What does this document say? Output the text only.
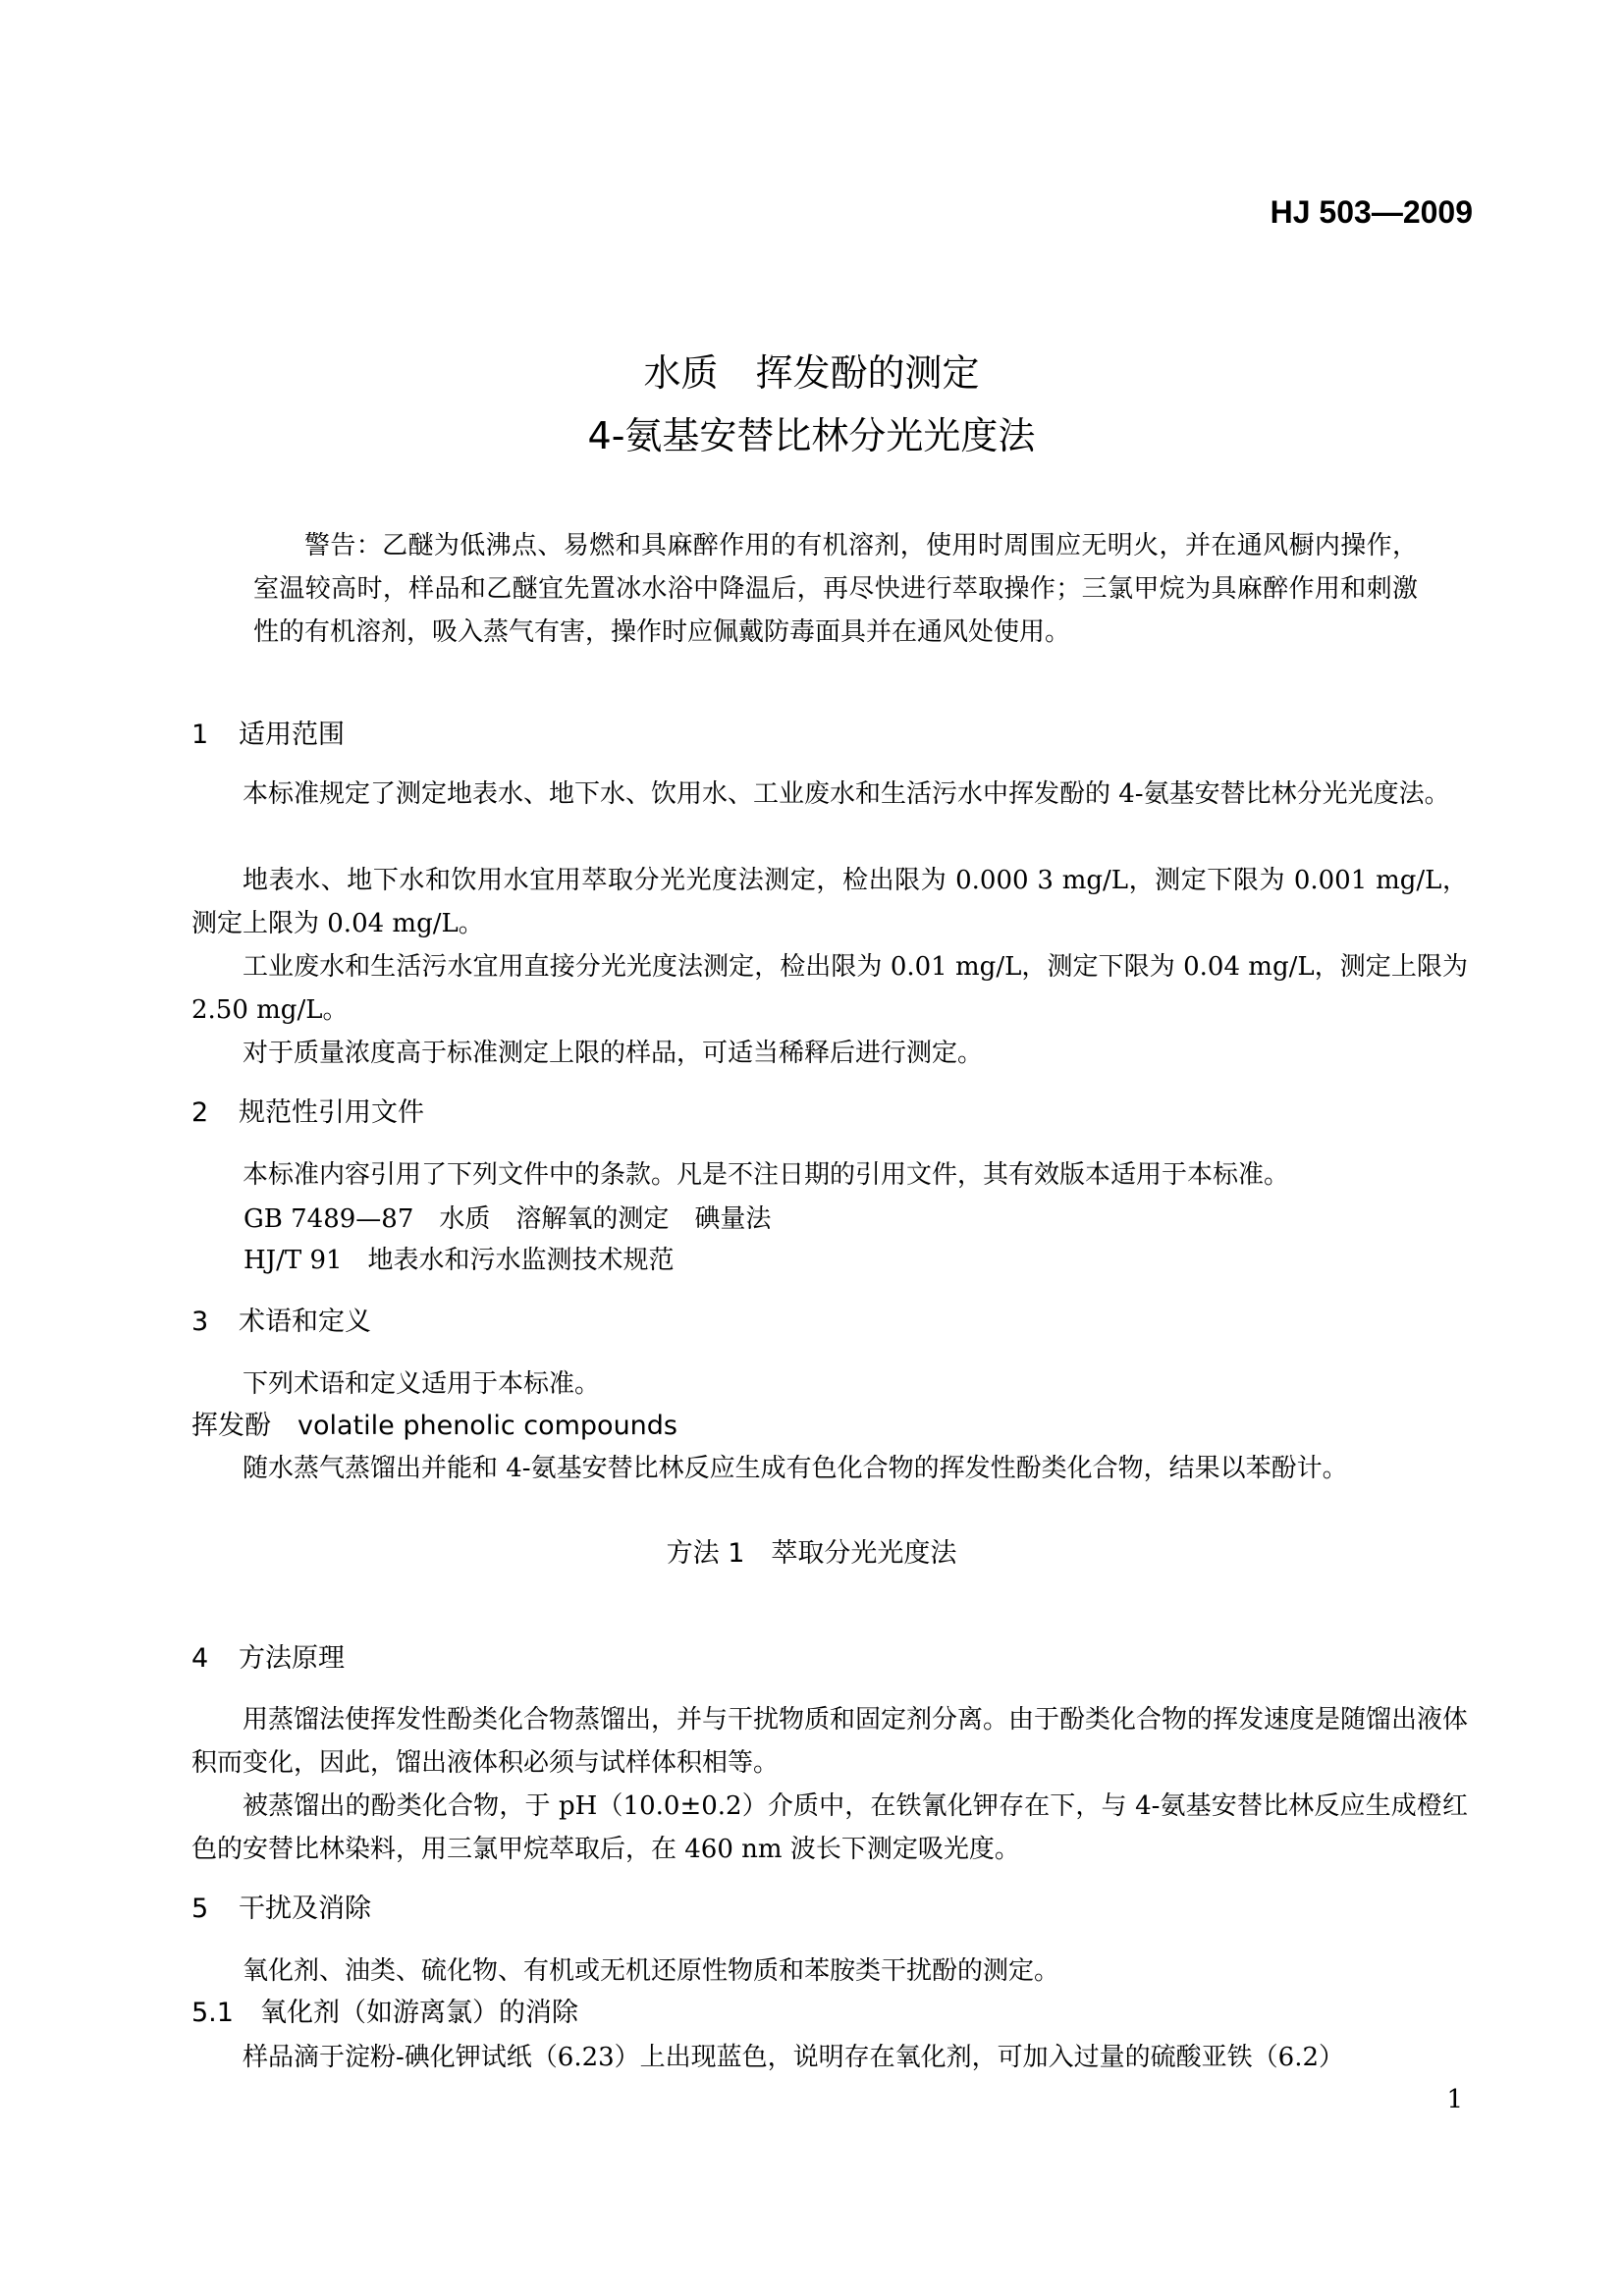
HJ 503—2009
水质　挥发酚的测定
4-氨基安替比林分光光度法
警告：乙醚为低沸点、易燃和具麻醉作用的有机溶剂，使用时周围应无明火，并在通风橱内操作，室温较高时，样品和乙醚宜先置冰水浴中降温后，再尽快进行萃取操作；三氯甲烷为具麻醉作用和刺激性的有机溶剂，吸入蒸气有害，操作时应佩戴防毒面具并在通风处使用。
1 适用范围
本标准规定了测定地表水、地下水、饮用水、工业废水和生活污水中挥发酚的 4-氨基安替比林分光光度法。
地表水、地下水和饮用水宜用萃取分光光度法测定，检出限为 0.000 3 mg/L，测定下限为 0.001 mg/L，测定上限为 0.04 mg/L。
工业废水和生活污水宜用直接分光光度法测定，检出限为 0.01 mg/L，测定下限为 0.04 mg/L，测定上限为 2.50 mg/L。
对于质量浓度高于标准测定上限的样品，可适当稀释后进行测定。
2 规范性引用文件
本标准内容引用了下列文件中的条款。凡是不注日期的引用文件，其有效版本适用于本标准。
GB 7489—87　水质　溶解氧的测定　碘量法
HJ/T 91　地表水和污水监测技术规范
3 术语和定义
下列术语和定义适用于本标准。
挥发酚　volatile phenolic compounds
随水蒸气蒸馏出并能和 4-氨基安替比林反应生成有色化合物的挥发性酚类化合物，结果以苯酚计。
方法 1　萃取分光光度法
4 方法原理
用蒸馏法使挥发性酚类化合物蒸馏出，并与干扰物质和固定剂分离。由于酚类化合物的挥发速度是随馏出液体积而变化，因此，馏出液体积必须与试样体积相等。
被蒸馏出的酚类化合物，于 pH（10.0±0.2）介质中，在铁氰化钾存在下，与 4-氨基安替比林反应生成橙红色的安替比林染料，用三氯甲烷萃取后，在 460 nm 波长下测定吸光度。
5 干扰及消除
氧化剂、油类、硫化物、有机或无机还原性物质和苯胺类干扰酚的测定。
5.1　氧化剂（如游离氯）的消除
样品滴于淀粉-碘化钾试纸（6.23）上出现蓝色，说明存在氧化剂，可加入过量的硫酸亚铁（6.2）
1
